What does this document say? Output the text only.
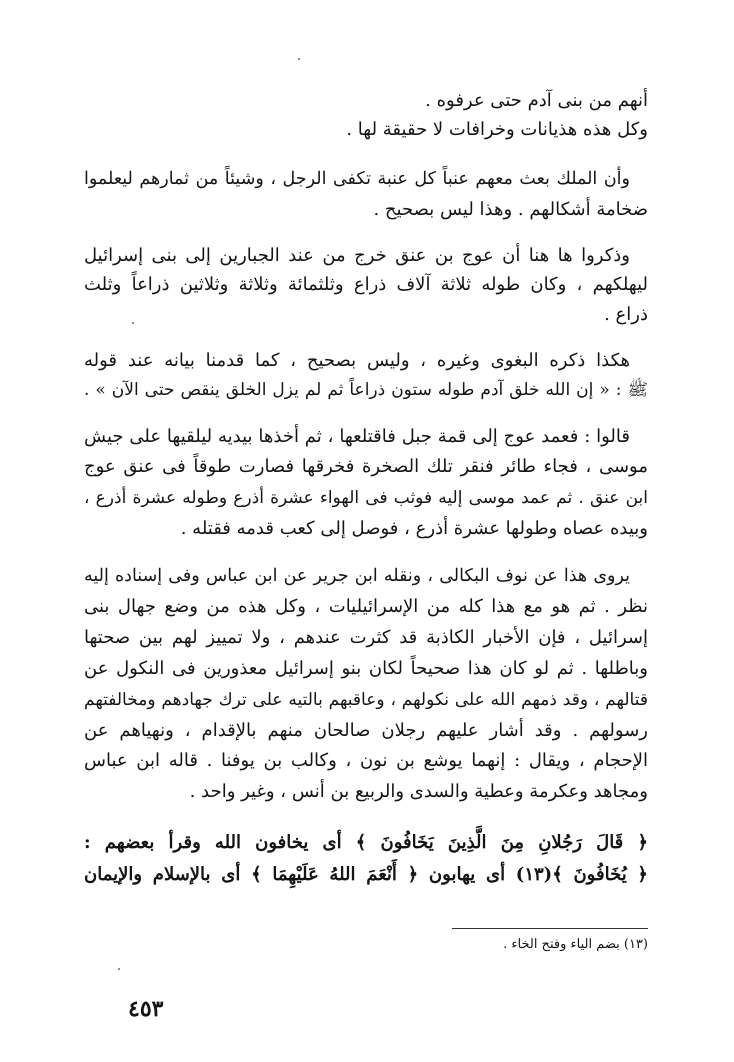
أنهم من بنى آدم حتى عرفوه .
وكل هذه هذيانات وخرافات لا حقيقة لها .
وأن الملك بعث معهم عنباً كل عنبة تكفى الرجل ، وشيئاً من ثمارهم ليعلموا
ضخامة أشكالهم . وهذا ليس بصحيح .
وذكروا ها هنا أن عوج بن عنق خرج من عند الجبارين إلى بنى إسرائيل
ليهلكهم ، وكان طوله ثلاثة آلاف ذراع وثلثمائة وثلاثة وثلاثين ذراعاً وثلث
ذراع .
هكذا ذكره البغوى وغيره ، وليس بصحيح ، كما قدمنا بيانه عند قوله
ﷺ : « إن الله خلق آدم طوله ستون ذراعاً ثم لم يزل الخلق ينقص حتى الآن » .
قالوا : فعمد عوج إلى قمة جبل فاقتلعها ، ثم أخذها بيديه ليلقيها على جيش
موسى ، فجاء طائر فنقر تلك الصخرة فخرقها فصارت طوقاً فى عنق عوج
ابن عنق . ثم عمد موسى إليه فوثب فى الهواء عشرة أذرع وطوله عشرة أذرع ،
وبيده عصاه وطولها عشرة أذرع ، فوصل إلى كعب قدمه فقتله .
يروى هذا عن نوف البكالى ، ونقله ابن جرير عن ابن عباس وفى إسناده إليه
نظر . ثم هو مع هذا كله من الإسرائيليات ، وكل هذه من وضع جهال بنى
إسرائيل ، فإن الأخبار الكاذبة قد كثرت عندهم ، ولا تمييز لهم بين صحتها
وباطلها . ثم لو كان هذا صحيحاً لكان بنو إسرائيل معذورين فى النكول عن
قتالهم ، وقد ذمهم الله على نكولهم ، وعاقبهم بالتيه على ترك جهادهم ومخالفتهم
رسولهم . وقد أشار عليهم رجلان صالحان منهم بالإقدام ، ونهياهم عن
الإحجام ، ويقال : إنهما يوشع بن نون ، وكالب بن يوفنا . قاله ابن عباس
ومجاهد وعكرمة وعطية والسدى والربيع بن أنس ، وغير واحد .
﴿ قَالَ رَجُلانِ مِنَ الَّذِينَ يَخَافُونَ ﴾ أى يخافون الله وقرأ بعضهم :
﴿ يُخَافُونَ ﴾(١٣) أى يهابون ﴿ أَنْعَمَ اللهُ عَلَيْهِمَا ﴾ أى بالإسلام والإيمان
(١٣) بضم الياء وفتح الخاء .
٤٥٣
